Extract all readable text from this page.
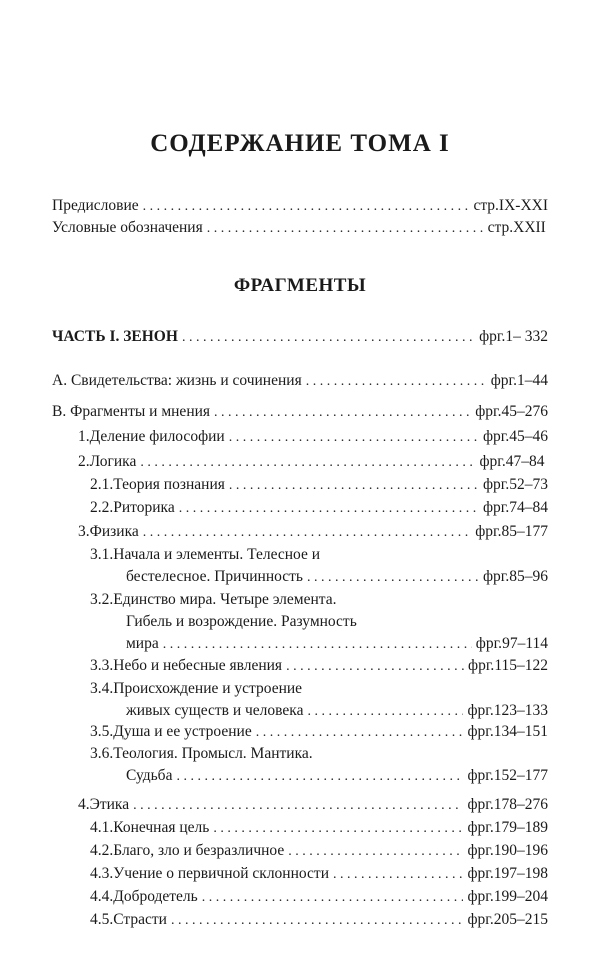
СОДЕРЖАНИЕ ТОМА I
Предисловие . . .	стр. IX-XXI
Условные обозначения . . .	стр. XXII
ФРАГМЕНТЫ
ЧАСТЬ I. ЗЕНОН . . .	фрг. 1– 332
A. Свидетельства: жизнь и сочинения . . .	фрг. 1–44
B. Фрагменты и мнения . . .	фрг. 45–276
1. Деление философии . . .	фрг. 45–46
2. Логика . . .	фрг. 47–84
2.1. Теория познания . . .	фрг. 52–73
2.2. Риторика . . .	фрг. 74–84
3. Физика . . .	фрг. 85–177
3.1.Начала и элементы. Телесное и
бестелесное. Причинность . . .	фрг. 85–96
3.2.Единство мира. Четыре элемента.
Гибель и возрождение. Разумность
мира . . .	фрг. 97–114
3.3. Небо и небесные явления . . .	фрг. 115–122
3.4.Происхождение и устроение
живых существ и человека . . .	фрг. 123–133
3.5. Душа и ее устроение . . .	фрг. 134–151
3.6.Теология. Промысл. Мантика.
Судьба . . .	фрг. 152–177
4. Этика . . .	фрг. 178–276
4.1. Конечная цель . . .	фрг. 179–189
4.2. Благо, зло и безразличное . . .	фрг. 190–196
4.3. Учение о первичной склонности . . .	фрг. 197–198
4.4. Добродетель . . .	фрг. 199–204
4.5. Страсти . . .	фрг. 205–215
